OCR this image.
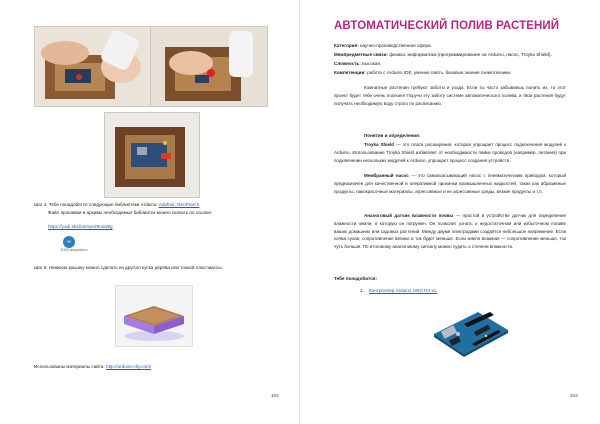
Шаг 4. Тебе понадобятся следующие библиотеки Arduino: Adafruit_NeoPixel.h
Файл прошивки и архивы необходимых библиотек можно скачать по ссылке:
https://yadi.sk/d/armyeZ9usw8g
∞
R10K.amperka.ru
Шаг 5. Нижнюю крышку можно сделать из другого куска дерева или тонкой пластмассы.
Использованы материалы сайта: http://arduino-diy.com/
102
АВТОМАТИЧЕСКИЙ ПОЛИВ РАСТЕНИЙ
Категория: научно-производственная сфера.
Межпредметные связи: физика, информатика (программирование на Arduino, насос, Troyka Shield).
Сложность: высокая.
Компетенции: работа с Arduino IDE, умение паять, базовые знания схемотехники.
Комнатные растения требуют заботы и ухода. Если ты часто забываешь полить их, то этот проект будет тебе очень полезен! Поручи эту заботу системе автоматического полива, и твои растения будут получать необходимую воду строго по расписанию.
Понятия и определения:
Troyka Shield — это плата расширения, которая упрощает процесс подключения модулей к Arduino. Использование Troyka Shield избавляет от необходимости пайки проводов (например, питания) при подключении нескольких модулей к Arduino, упрощает процесс создания устройств.
Мембранный насос — это самовсасывающий насос с пневматическим приводом, который предназначен для качественной и оперативной прокачки промышленных жидкостей, таких как абразивные продукты, лакокрасочные материалы, агрессивные и не агрессивные среды, вязкие продукты и т.п.
Аналоговый датчик влажности почвы — простой в устройстве датчик для определения влажности земли, в которую он погружен. Он позволит узнать о недостаточном или избыточном поливе ваших домашних или садовых растений. Между двумя электродами создаётся небольшое напряжение. Если почва сухая, сопротивление велико и ток будет меньше. Если земля влажная — сопротивление меньше, ток чуть больше. По итоговому аналоговому сигналу можно судить о степени влажности.
Тебе понадобится:
1. Контроллер Arduino UNO R3 х1.
103
